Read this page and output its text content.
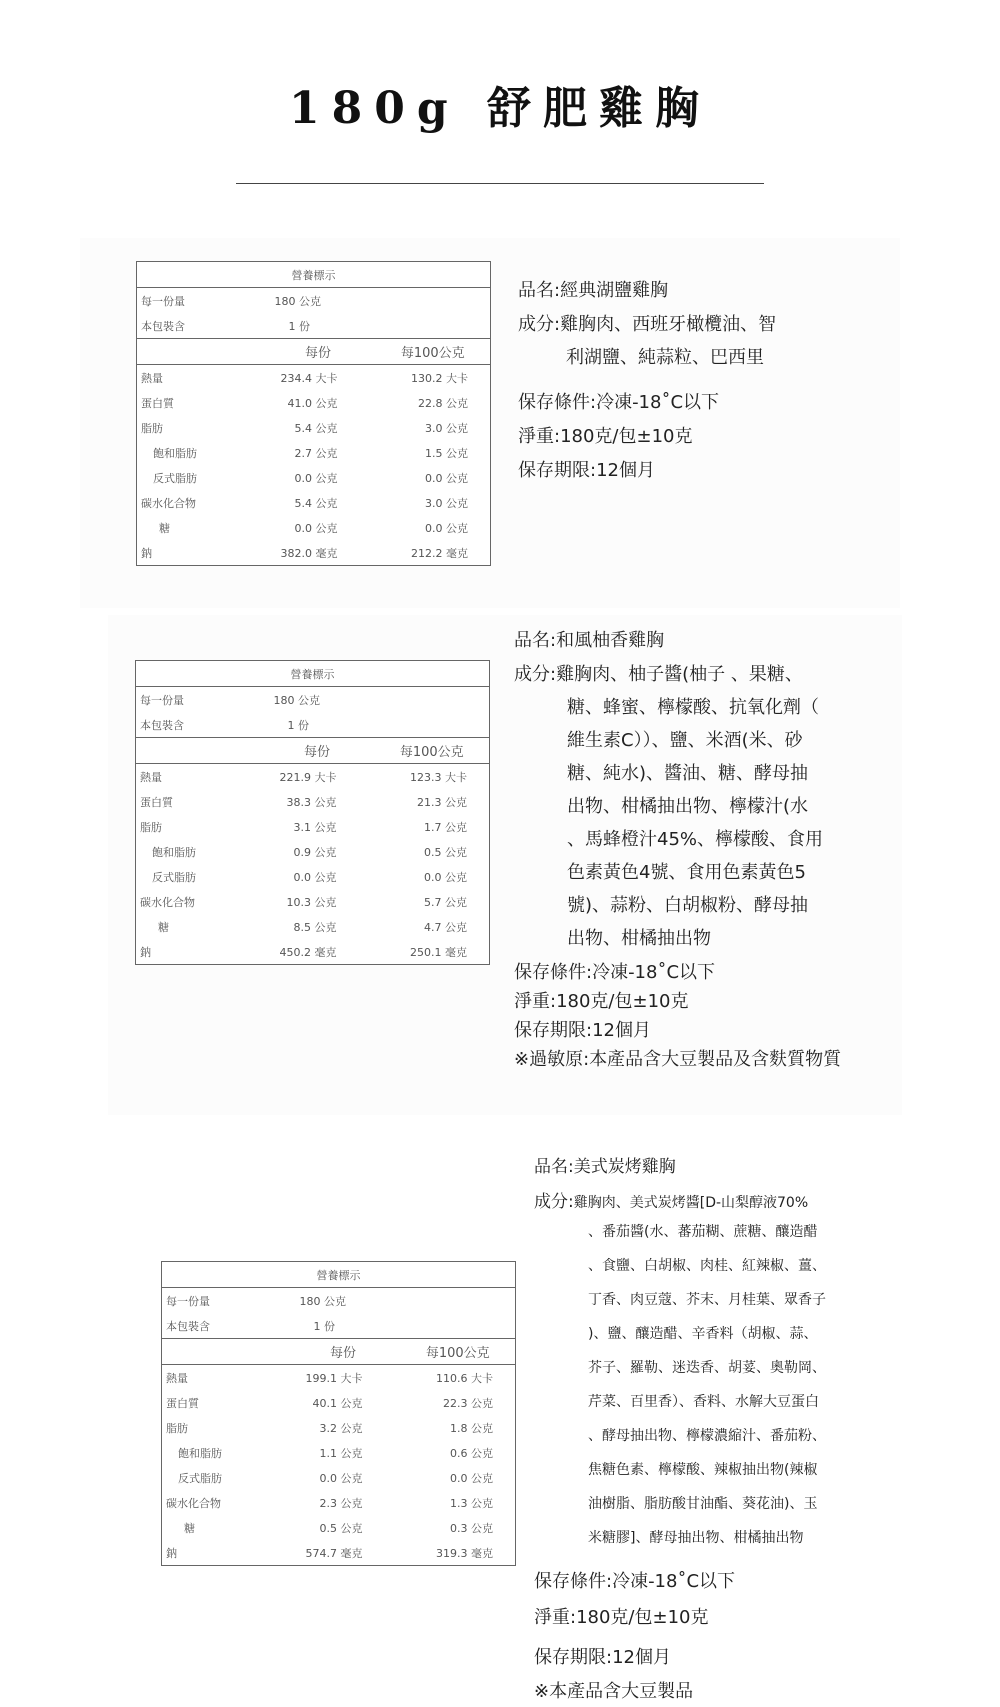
180g 舒肥雞胸
營養標示		
每一份量	180 公克	
本包裝含	1 份	
	每份	每100公克
熱量	234.4 大卡	130.2 大卡
蛋白質	41.0 公克	22.8 公克
脂肪	5.4 公克	3.0 公克
飽和脂肪	2.7 公克	1.5 公克
反式脂肪	0.0 公克	0.0 公克
碳水化合物	5.4 公克	3.0 公克
糖	0.0 公克	0.0 公克
鈉	382.0 毫克	212.2 毫克
品名:經典湖鹽雞胸
成分:雞胸肉、西班牙橄欖油、智
利湖鹽、純蒜粒、巴西里
保存條件:冷凍-18˚C以下
淨重:180克/包±10克
保存期限:12個月
營養標示		
每一份量	180 公克	
本包裝含	1 份	
	每份	每100公克
熱量	221.9 大卡	123.3 大卡
蛋白質	38.3 公克	21.3 公克
脂肪	3.1 公克	1.7 公克
飽和脂肪	0.9 公克	0.5 公克
反式脂肪	0.0 公克	0.0 公克
碳水化合物	10.3 公克	5.7 公克
糖	8.5 公克	4.7 公克
鈉	450.2 毫克	250.1 毫克
品名:和風柚香雞胸
成分:雞胸肉、柚子醬(柚子 、果糖、
糖、蜂蜜、檸檬酸、抗氧化劑（
維生素C））、鹽、米酒(米、砂
糖、純水)、醬油、糖、酵母抽
出物、柑橘抽出物、檸檬汁(水
、馬蜂橙汁45%、檸檬酸、食用
色素黃色4號、食用色素黃色5
號)、蒜粉、白胡椒粉、酵母抽
出物、柑橘抽出物
保存條件:冷凍-18˚C以下
淨重:180克/包±10克
保存期限:12個月
※過敏原:本產品含大豆製品及含麩質物質
營養標示		
每一份量	180 公克	
本包裝含	1 份	
	每份	每100公克
熱量	199.1 大卡	110.6 大卡
蛋白質	40.1 公克	22.3 公克
脂肪	3.2 公克	1.8 公克
飽和脂肪	1.1 公克	0.6 公克
反式脂肪	0.0 公克	0.0 公克
碳水化合物	2.3 公克	1.3 公克
糖	0.5 公克	0.3 公克
鈉	574.7 毫克	319.3 毫克
品名:美式炭烤雞胸
成分:雞胸肉、美式炭烤醬[D-山梨醇液70%
、番茄醬(水、蕃茄糊、蔗糖、釀造醋
、食鹽、白胡椒、肉桂、紅辣椒、薑、
丁香、肉豆蔻、芥末、月桂葉、眾香子
)、鹽、釀造醋、辛香料（胡椒、蒜、
芥子、羅勒、迷迭香、胡荽、奧勒岡、
芹菜、百里香）、香料、水解大豆蛋白
、酵母抽出物、檸檬濃縮汁、番茄粉、
焦糖色素、檸檬酸、辣椒抽出物(辣椒
油樹脂、脂肪酸甘油酯、葵花油)、玉
米糖膠]、酵母抽出物、柑橘抽出物
保存條件:冷凍-18˚C以下
淨重:180克/包±10克
保存期限:12個月
※本產品含大豆製品
